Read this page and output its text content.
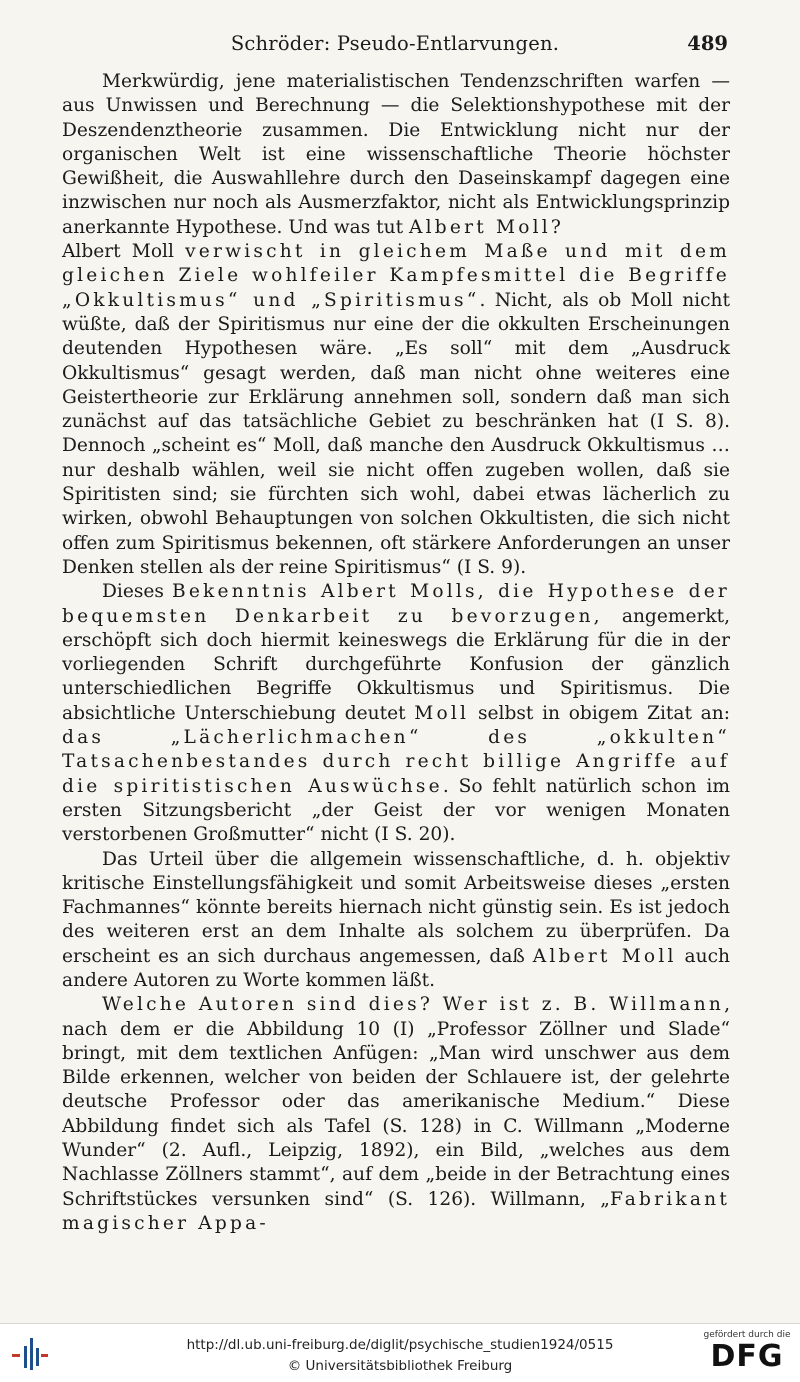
Schröder: Pseudo-Entlarvungen.	489

Merkwürdig, jene materialistischen Tendenzschriften warfen — aus Unwissen und Berechnung — die Selektionshypothese mit der Deszendenztheorie zusammen. Die Entwicklung nicht nur der organischen Welt ist eine wissenschaftliche Theorie höchster Gewißheit, die Auswahllehre durch den Daseinskampf dagegen eine inzwischen nur noch als Ausmerzfaktor, nicht als Entwicklungsprinzip anerkannte Hypothese. Und was tut Albert Moll?

Albert Moll verwischt in gleichem Maße und mit dem gleichen Ziele wohlfeiler Kampfesmittel die Begriffe „Okkultismus“ und „Spiritismus“. Nicht, als ob Moll nicht wüßte, daß der Spiritismus nur eine der die okkulten Erscheinungen deutenden Hypothesen wäre. „Es soll“ mit dem „Ausdruck Okkultismus“ gesagt werden, daß man nicht ohne weiteres eine Geistertheorie zur Erklärung annehmen soll, sondern daß man sich zunächst auf das tatsächliche Gebiet zu beschränken hat (I S. 8). Dennoch „scheint es“ Moll, daß manche den Ausdruck Okkultismus … nur deshalb wählen, weil sie nicht offen zugeben wollen, daß sie Spiritisten sind; sie fürchten sich wohl, dabei etwas lächerlich zu wirken, obwohl Behauptungen von solchen Okkultisten, die sich nicht offen zum Spiritismus bekennen, oft stärkere Anforderungen an unser Denken stellen als der reine Spiritismus“ (I S. 9).

Dieses Bekenntnis Albert Molls, die Hypothese der bequemsten Denkarbeit zu bevorzugen, angemerkt, erschöpft sich doch hiermit keineswegs die Erklärung für die in der vorliegenden Schrift durchgeführte Konfusion der gänzlich unterschiedlichen Begriffe Okkultismus und Spiritismus. Die absichtliche Unterschiebung deutet Moll selbst in obigem Zitat an: das „Lächerlichmachen“ des „okkulten“ Tatsachenbestandes durch recht billige Angriffe auf die spiritistischen Auswüchse. So fehlt natürlich schon im ersten Sitzungsbericht „der Geist der vor wenigen Monaten verstorbenen Großmutter“ nicht (I S. 20).

Das Urteil über die allgemein wissenschaftliche, d. h. objektiv kritische Einstellungsfähigkeit und somit Arbeitsweise dieses „ersten Fachmannes“ könnte bereits hiernach nicht günstig sein. Es ist jedoch des weiteren erst an dem Inhalte als solchem zu überprüfen. Da erscheint es an sich durchaus angemessen, daß Albert Moll auch andere Autoren zu Worte kommen läßt.

Welche Autoren sind dies? Wer ist z. B. Willmann, nach dem er die Abbildung 10 (I) „Professor Zöllner und Slade“ bringt, mit dem textlichen Anfügen: „Man wird unschwer aus dem Bilde erkennen, welcher von beiden der Schlauere ist, der gelehrte deutsche Professor oder das amerikanische Medium.“ Diese Abbildung findet sich als Tafel (S. 128) in C. Willmann „Moderne Wunder“ (2. Aufl., Leipzig, 1892), ein Bild, „welches aus dem Nachlasse Zöllners stammt“, auf dem „beide in der Betrachtung eines Schriftstückes versunken sind“ (S. 126). Willmann, „Fabrikant magischer Appa-

http://dl.ub.uni-freiburg.de/diglit/psychische_studien1924/0515
© Universitätsbibliothek Freiburg
gefördert durch die
DFG
